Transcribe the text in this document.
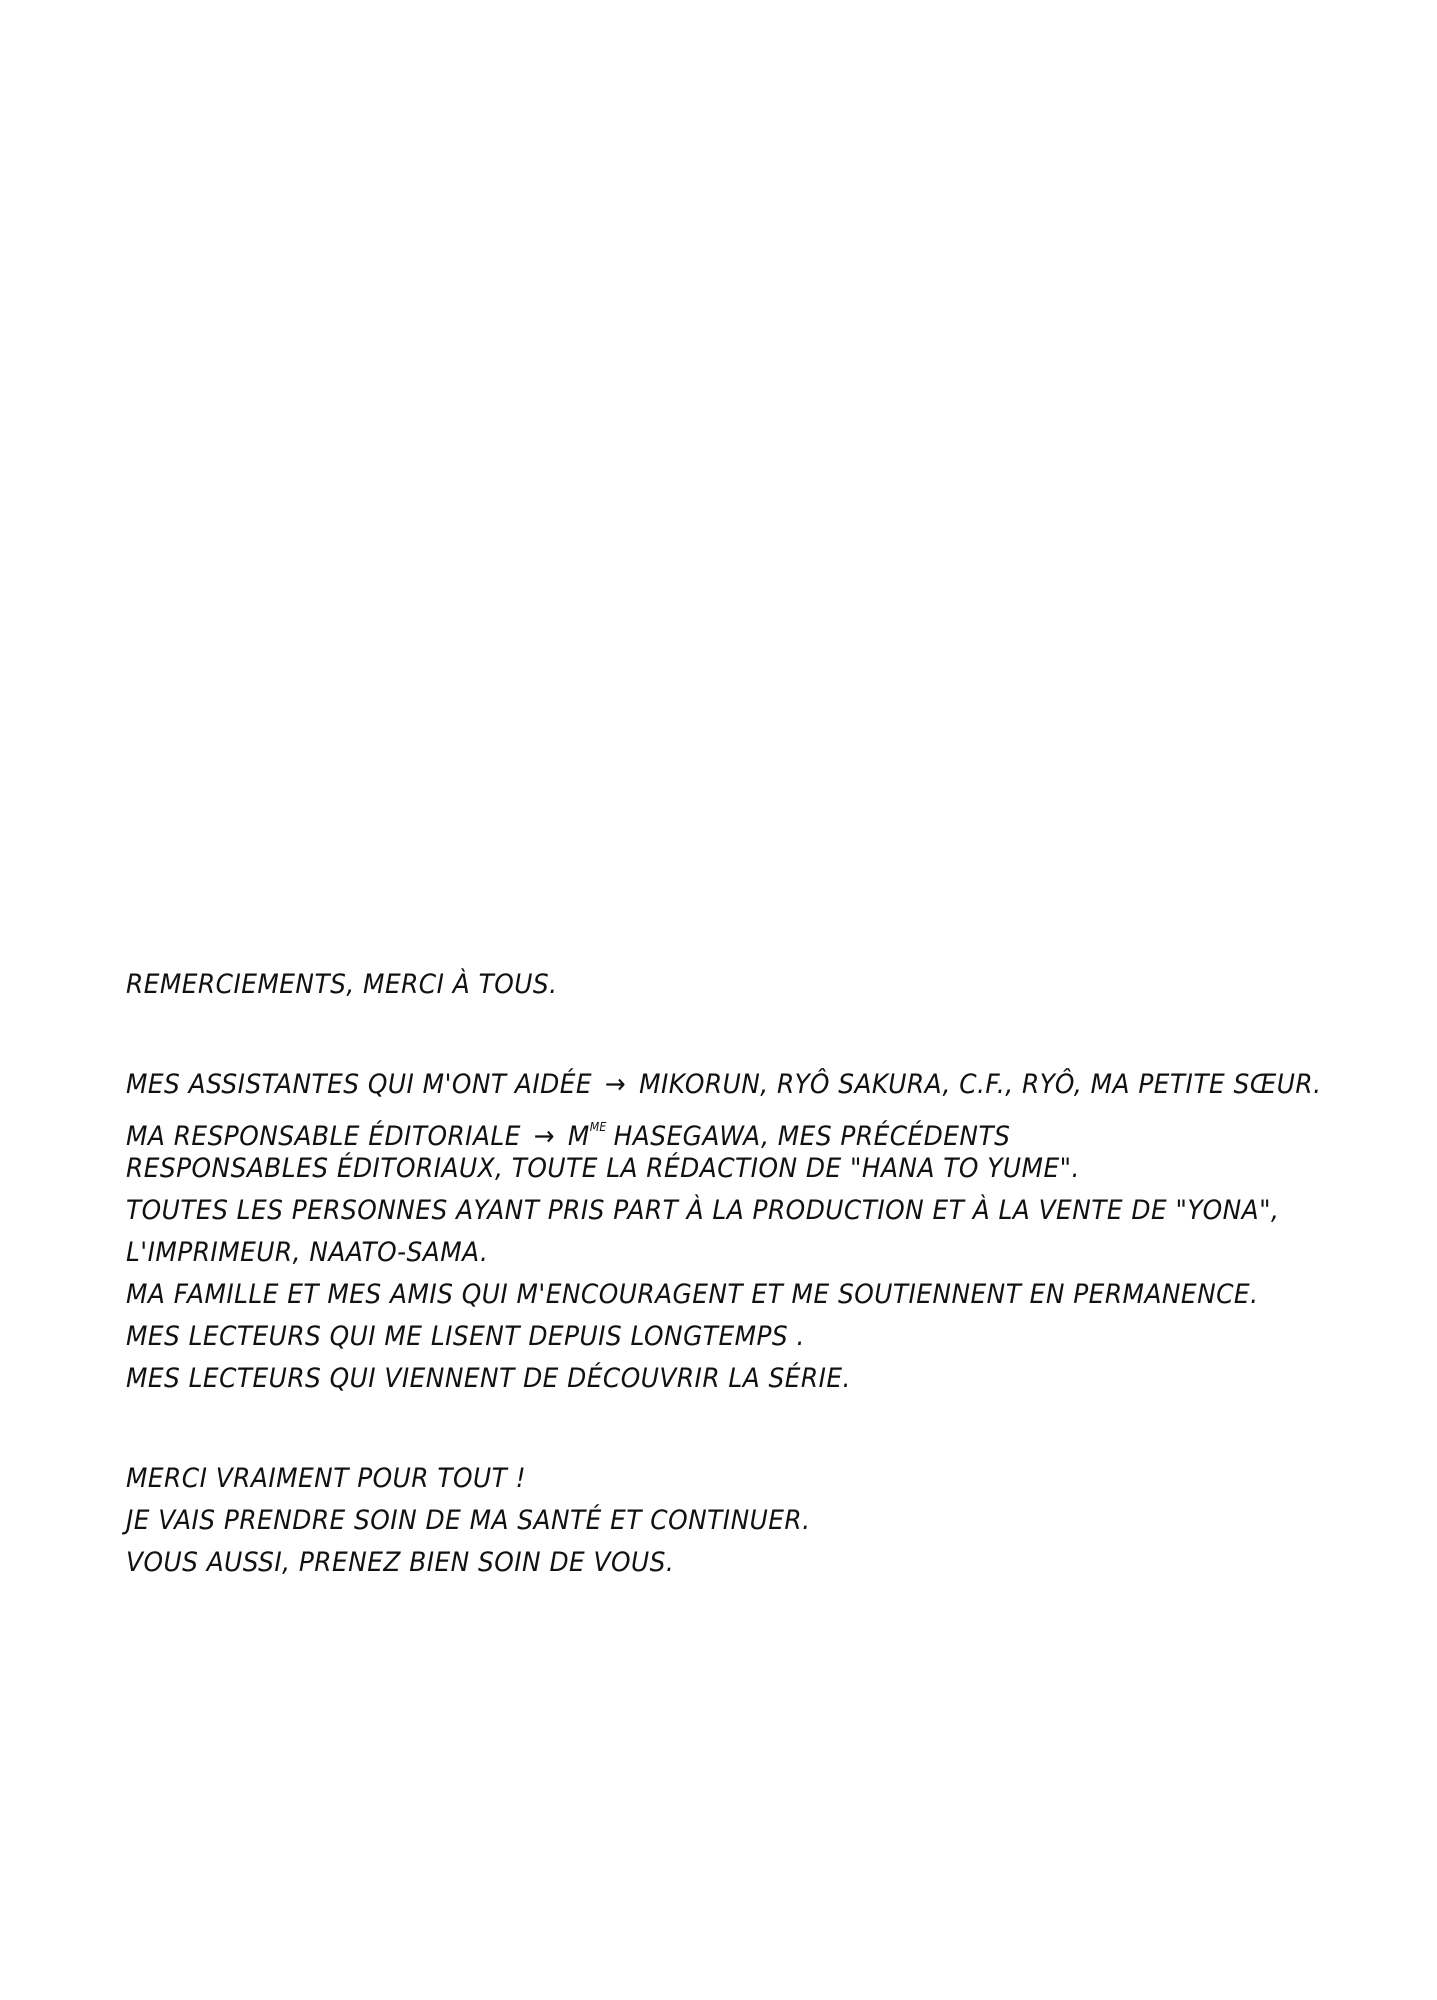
REMERCIEMENTS, MERCI À TOUS.
MES ASSISTANTES QUI M'ONT AIDÉE → MIKORUN, RYÔ SAKURA, C.F., RYÔ, MA PETITE SŒUR.
MA RESPONSABLE ÉDITORIALE → $M^{ME}$ HASEGAWA, MES PRÉCÉDENTS
RESPONSABLES ÉDITORIAUX, TOUTE LA RÉDACTION DE "HANA TO YUME".
TOUTES LES PERSONNES AYANT PRIS PART À LA PRODUCTION ET À LA VENTE DE "YONA",
L'IMPRIMEUR, NAATO-SAMA.
MA FAMILLE ET MES AMIS QUI M'ENCOURAGENT ET ME SOUTIENNENT EN PERMANENCE.
MES LECTEURS QUI ME LISENT DEPUIS LONGTEMPS .
MES LECTEURS QUI VIENNENT DE DÉCOUVRIR LA SÉRIE.
MERCI VRAIMENT POUR TOUT !
JE VAIS PRENDRE SOIN DE MA SANTÉ ET CONTINUER.
VOUS AUSSI, PRENEZ BIEN SOIN DE VOUS.
